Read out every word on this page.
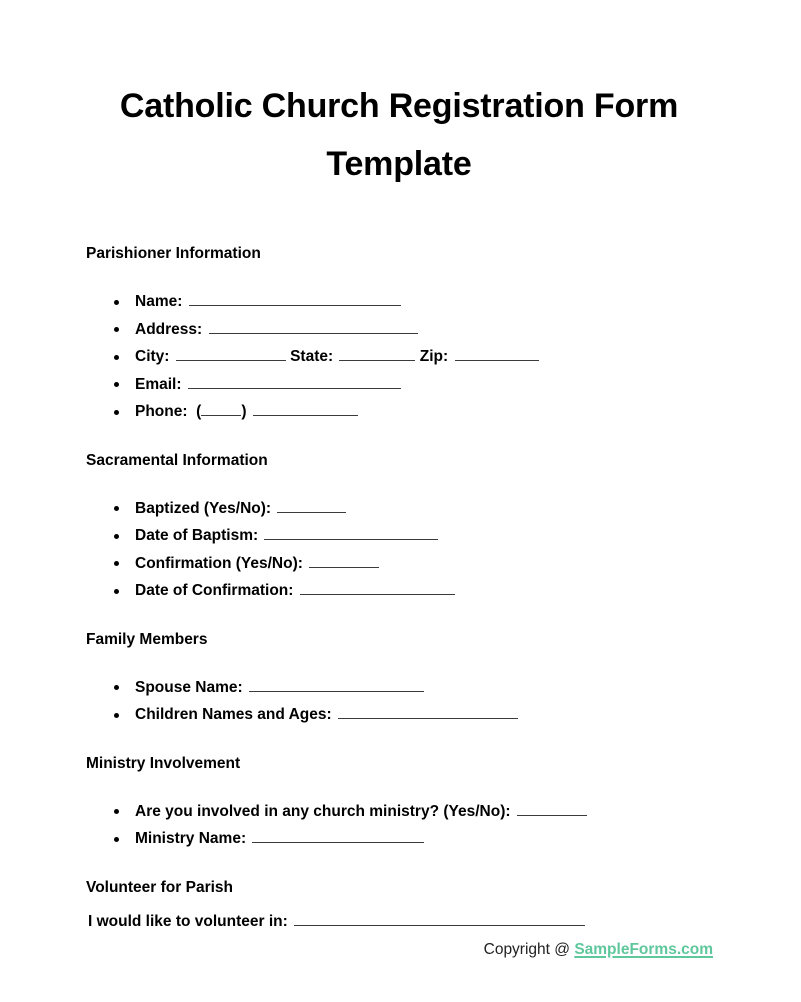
Catholic Church Registration Form Template
Parishioner Information
Name:
Address:
City:	State:	Zip:
Email:
Phone:  (	)
Sacramental Information
Baptized (Yes/No):
Date of Baptism:
Confirmation (Yes/No):
Date of Confirmation:
Family Members
Spouse Name:
Children Names and Ages:
Ministry Involvement
Are you involved in any church ministry? (Yes/No):
Ministry Name:
Volunteer for Parish
I would like to volunteer in:
Copyright @ SampleForms.com
